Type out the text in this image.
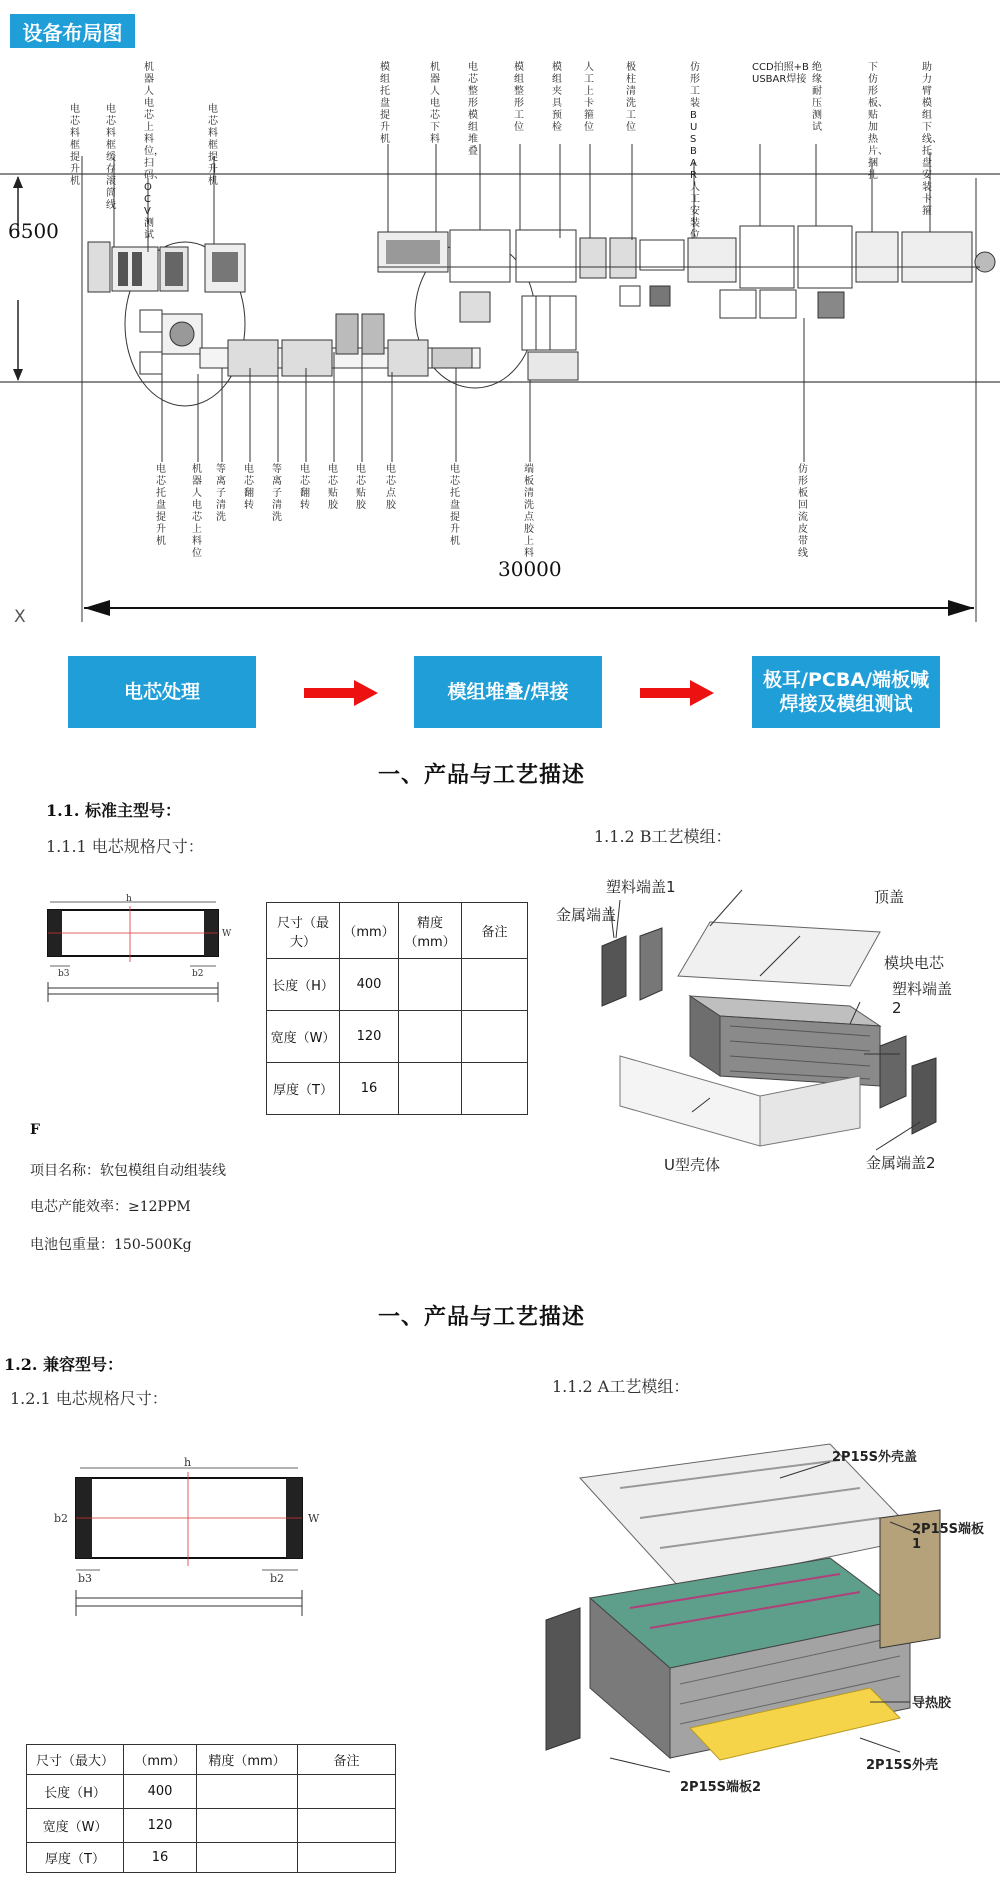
设备布局图
6500
30000
X
电芯料框提升机
电芯料框缓存滚筒线
机器人电芯上料位，扫码、OCV测试
电芯料框提升机
模组托盘提升机
机器人电芯下料
电芯整形模组堆叠
模组整形工位
模组夹具预检
人工上卡箍位
极柱清洗工位
仿形工装BUSBAR人工安装位
CCD拍照+BUSBAR焊接
绝缘耐压测试
下仿形板、贴加热片、捆扎
助力臂模组下线、托盘安装卡箍
电芯托盘提升机
机器人电芯上料位
等离子清洗
电芯翻转
等离子清洗
电芯翻转
电芯贴胶
电芯贴胶
电芯点胶
电芯托盘提升机
端板清洗点胶上料
仿形板回流皮带线
电芯处理	模组堆叠/焊接
极耳/PCBA/端板喊焊接及模组测试
一、产品与工艺描述
1.1. 标准主型号：
1.1.1 电芯规格尺寸：
1.1.2 B工艺模组：
h
b3	b2
W
尺寸（最大）	（mm）	精度（mm）	备注
长度（H）	400		
宽度（W）	120		
厚度（T）	16		
F
项目名称：软包模组自动组装线
电芯产能效率：≥12PPM
电池包重量：150-500Kg
塑料端盖1
金属端盖
顶盖
模块电芯
塑料端盖2
U型壳体	金属端盖2
一、产品与工艺描述
1.2. 兼容型号：
1.2.1 电芯规格尺寸：
1.1.2 A工艺模组：
h
b3	b2
W
b2
尺寸（最大）	（mm）	精度（mm）	备注
长度（H）	400		
宽度（W）	120		
厚度（T）	16		
2P15S外壳盖
2P15S端板1
导热胶
2P15S外壳
2P15S端板2
